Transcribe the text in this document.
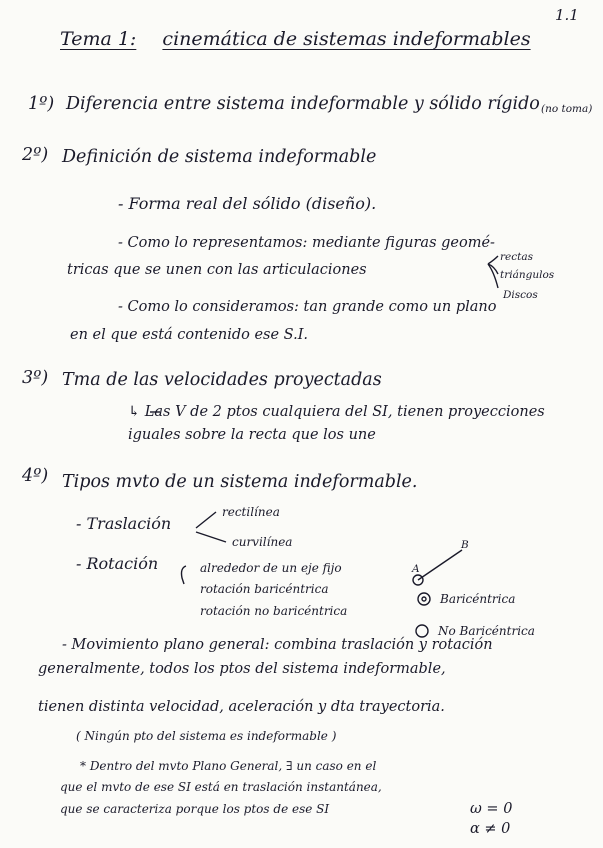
1.1
Tema 1: cinemática de sistemas indeformables
1º) Diferencia entre sistema indeformable y sólido rígido (no toma)
2º) Definición de sistema indeformable
- Forma real del sólido (diseño).
- Como lo representamos: mediante figuras geomé-
tricas que se unen con las articulaciones
rectas
triángulos
Discos
- Como lo consideramos: tan grande como un plano
en el que está contenido ese S.I.
3º) Tma de las velocidades proyectadas
↳ Las V de 2 ptos cualquiera del SI, tienen proyecciones
iguales sobre la recta que los une
4º) Tipos mvto de un sistema indeformable.
- Traslación
rectilínea
curvilínea
- Rotación	alrededor de un eje fijo
rotación baricéntrica
rotación no baricéntrica
A
B
Baricéntrica
No Baricéntrica
- Movimiento plano general: combina traslación y rotación
generalmente, todos los ptos del sistema indeformable,
tienen distinta velocidad, aceleración y dta trayectoria.
( Ningún pto del sistema es indeformable )
* Dentro del mvto Plano General, ∃ un caso en el
que el mvto de ese SI está en traslación instantánea,
que se caracteriza porque los ptos de ese SI	ω = 0
α ≠ 0
